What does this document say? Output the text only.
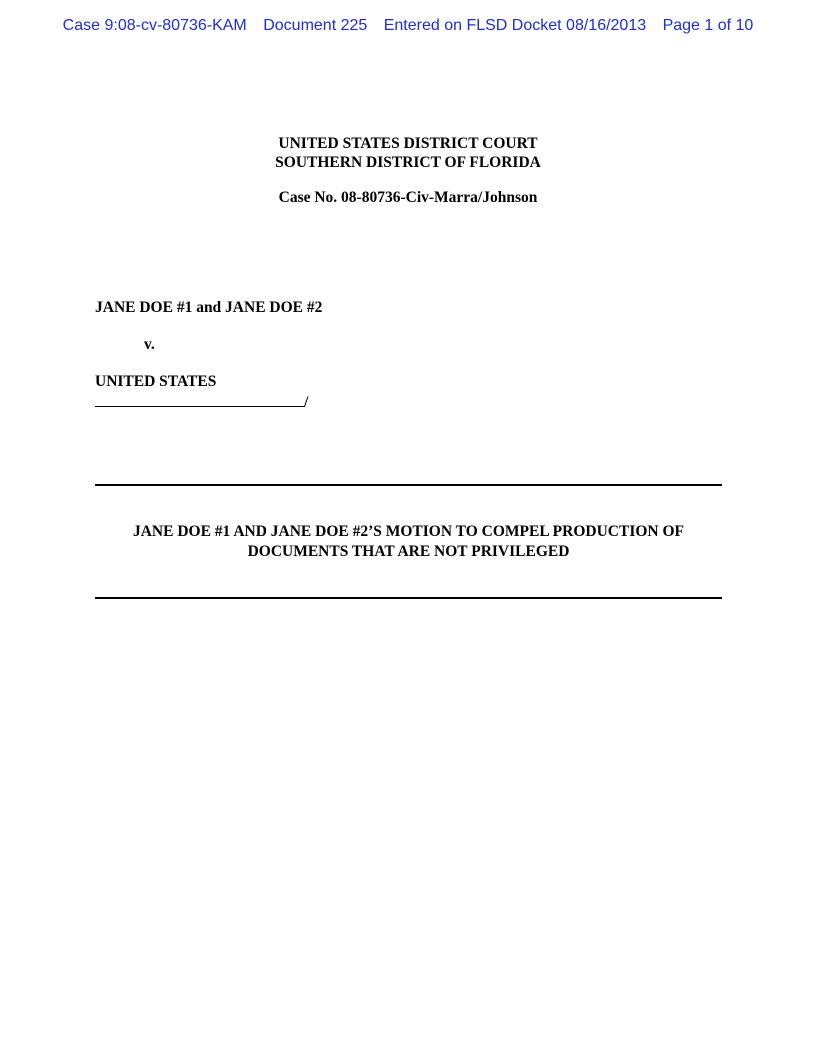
Case 9:08-cv-80736-KAM Document 225 Entered on FLSD Docket 08/16/2013 Page 1 of 10
UNITED STATES DISTRICT COURT
SOUTHERN DISTRICT OF FLORIDA
Case No. 08-80736-Civ-Marra/Johnson
JANE DOE #1 and JANE DOE #2
v.
UNITED STATES
/
JANE DOE #1 AND JANE DOE #2’S MOTION TO COMPEL PRODUCTION OF
DOCUMENTS THAT ARE NOT PRIVILEGED
